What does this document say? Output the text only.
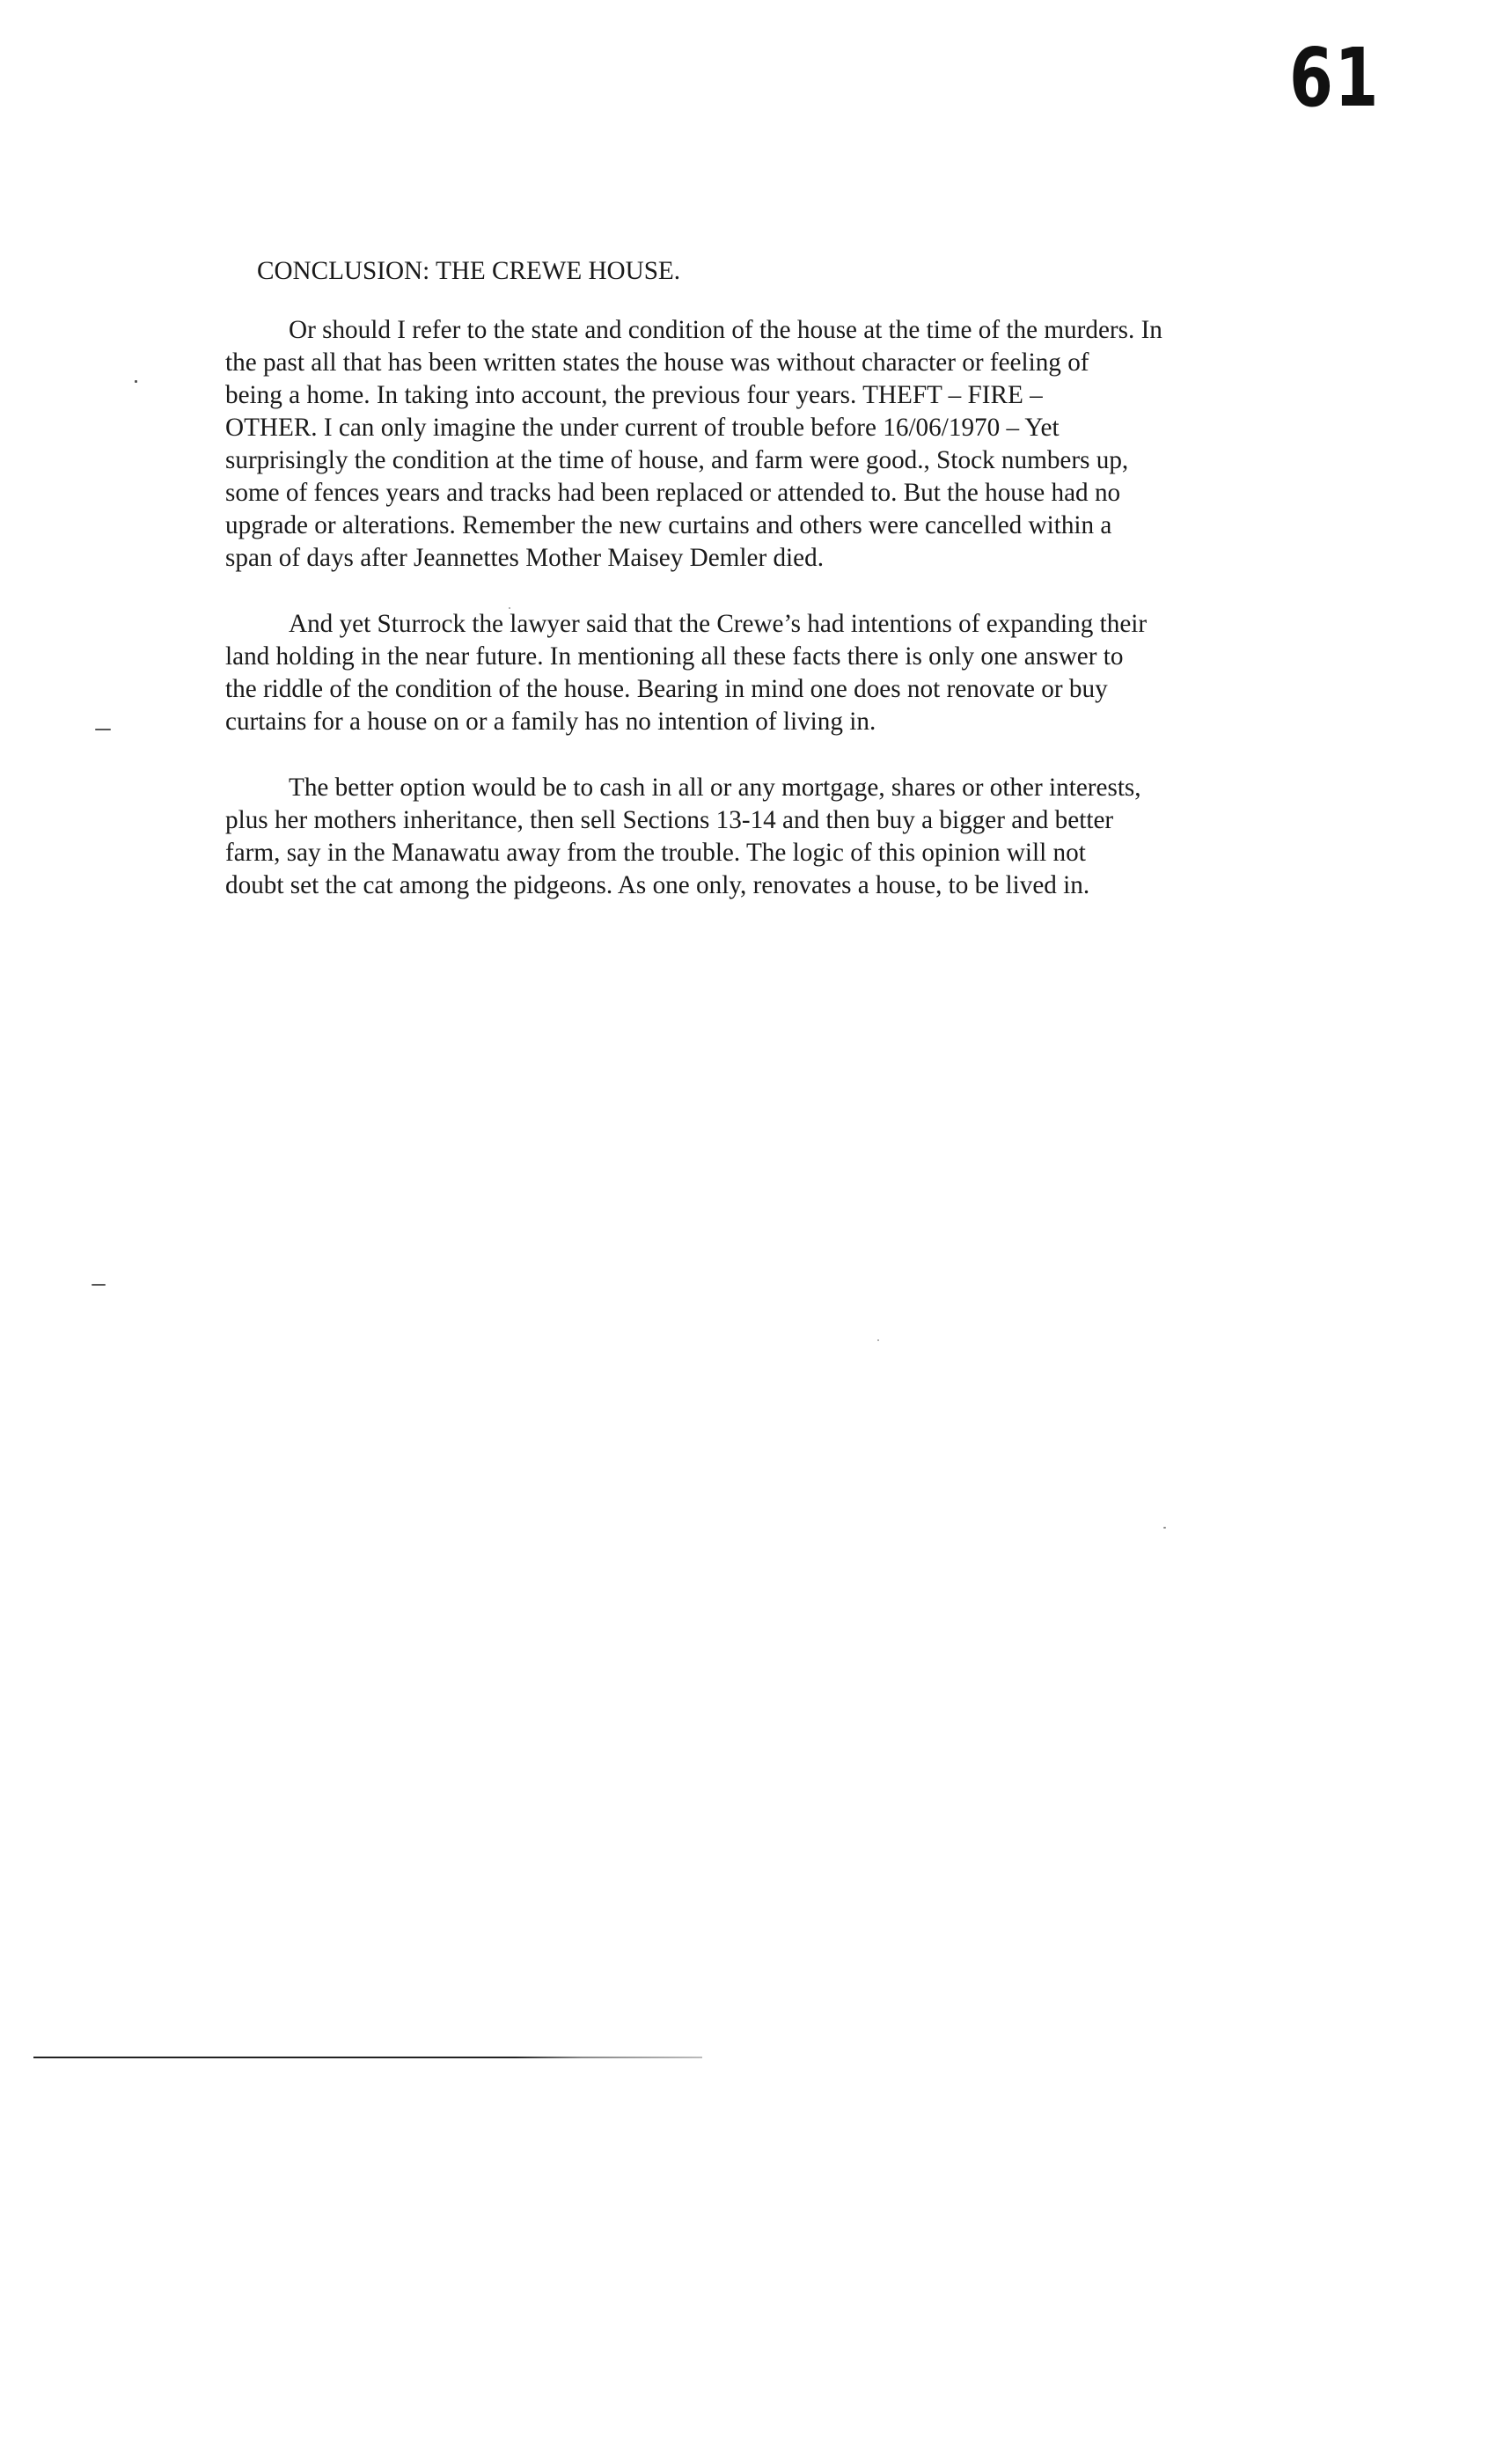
61
CONCLUSION: THE CREWE HOUSE.
Or should I refer to the state and condition of the house at the time of the murders. In
the past all that has been written states the house was without character or feeling of
being a home. In taking into account, the previous four years. THEFT – FIRE –
OTHER. I can only imagine the under current of trouble before 16/06/1970 – Yet
surprisingly the condition at the time of house, and farm were good., Stock numbers up,
some of fences years and tracks had been replaced or attended to. But the house had no
upgrade or alterations. Remember the new curtains and others were cancelled within a
span of days after Jeannettes Mother Maisey Demler died.
And yet Sturrock the lawyer said that the Crewe’s had intentions of expanding their
land holding in the near future. In mentioning all these facts there is only one answer to
the riddle of the condition of the house. Bearing in mind one does not renovate or buy
curtains for a house on or a family has no intention of living in.
The better option would be to cash in all or any mortgage, shares or other interests,
plus her mothers inheritance, then sell Sections 13-14 and then buy a bigger and better
farm, say in the Manawatu away from the trouble. The logic of this opinion will not
doubt set the cat among the pidgeons. As one only, renovates a house, to be lived in.
